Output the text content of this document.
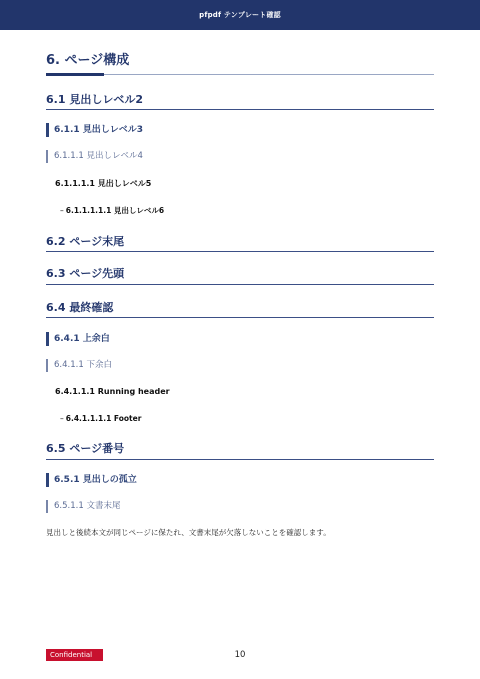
pfpdf テンプレート確認
6. ページ構成
6.1 見出しレベル2
6.1.1 見出しレベル3
6.1.1.1 見出しレベル4
6.1.1.1.1 見出しレベル5
– 6.1.1.1.1.1 見出しレベル6
6.2 ページ末尾
6.3 ページ先頭
6.4 最終確認
6.4.1 上余白
6.4.1.1 下余白
6.4.1.1.1 Running header
– 6.4.1.1.1.1 Footer
6.5 ページ番号
6.5.1 見出しの孤立
6.5.1.1 文書末尾
見出しと後続本文が同じページに保たれ、文書末尾が欠落しないことを確認します。
Confidential	10
